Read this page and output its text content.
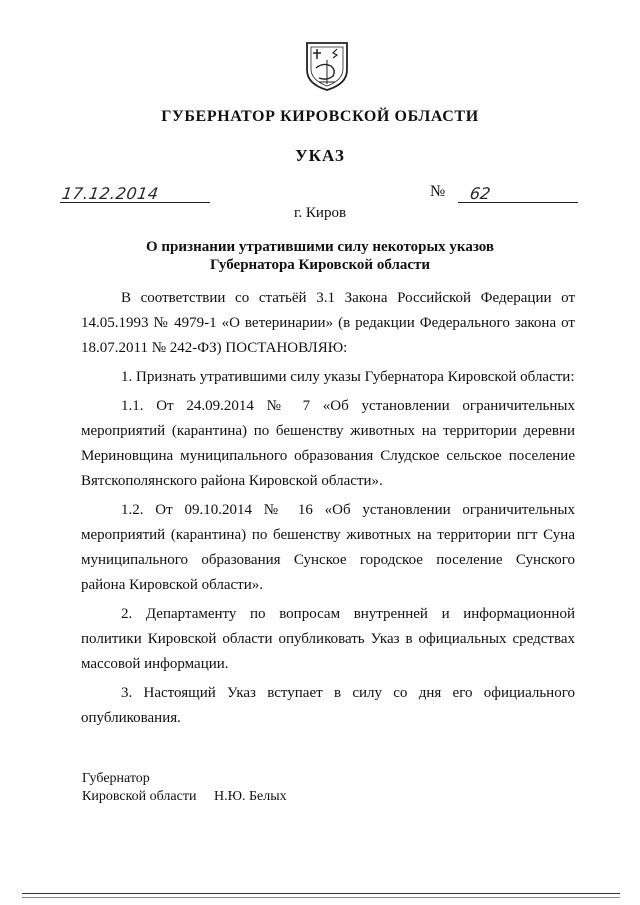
ГУБЕРНАТОР КИРОВСКОЙ ОБЛАСТИ
УКАЗ
17.12.2014	№ 62
г. Киров
О признании утратившими силу некоторых указов
Губернатора Кировской области

В соответствии со статьёй 3.1 Закона Российской Федерации от 14.05.1993 № 4979-1 «О ветеринарии» (в редакции Федерального закона от 18.07.2011 № 242-ФЗ) ПОСТАНОВЛЯЮ:

1. Признать утратившими силу указы Губернатора Кировской области:

1.1. От 24.09.2014 № 7 «Об установлении ограничительных мероприятий (карантина) по бешенству животных на территории деревни Мериновщина муниципального образования Слудское сельское поселение Вятскополянского района Кировской области».

1.2. От 09.10.2014 № 16 «Об установлении ограничительных мероприятий (карантина) по бешенству животных на территории пгт Суна муниципального образования Сунское городское поселение Сунского района Кировской области».

2. Департаменту по вопросам внутренней и информационной политики Кировской области опубликовать Указ в официальных средствах массовой информации.

3. Настоящий Указ вступает в силу со дня его официального опубликования.

Губернатор
Кировской области Н.Ю. Белых
